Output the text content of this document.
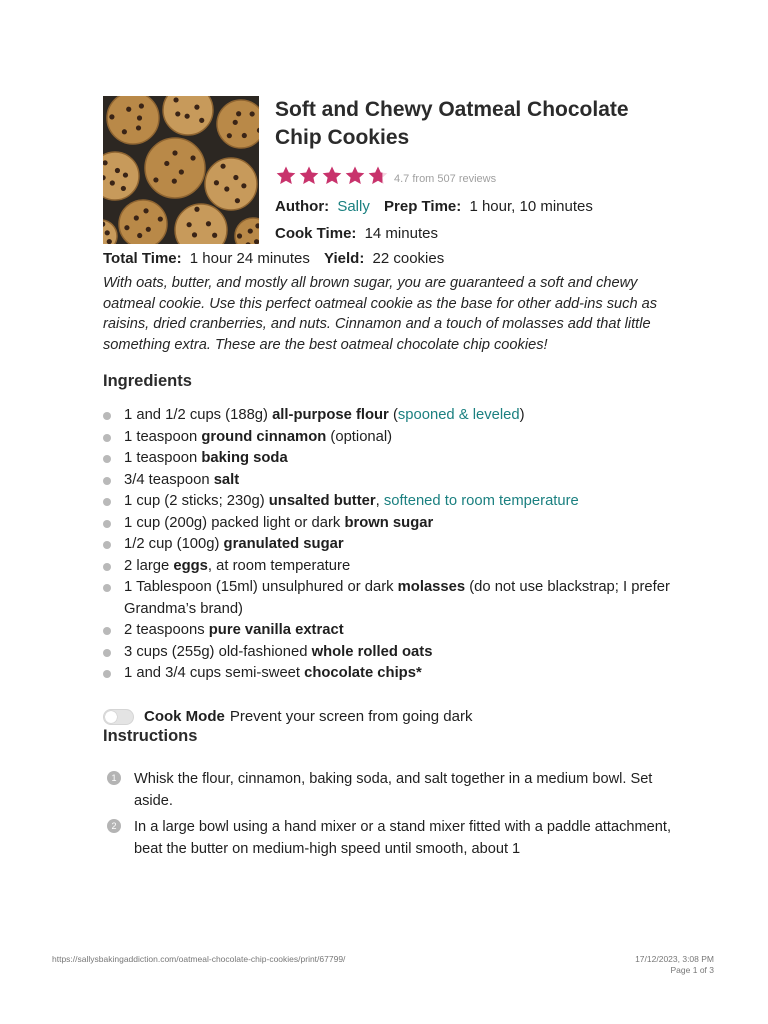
Soft and Chewy Oatmeal Chocolate Chip Cookies
4.7 from 507 reviews
Author: Sally Prep Time: 1 hour, 10 minutes
Cook Time: 14 minutes
Total Time: 1 hour 24 minutes Yield: 22 cookies
With oats, butter, and mostly all brown sugar, you are guaranteed a soft and chewy oatmeal cookie. Use this perfect oatmeal cookie as the base for other add-ins such as raisins, dried cranberries, and nuts. Cinnamon and a touch of molasses add that little something extra. These are the best oatmeal chocolate chip cookies!
Ingredients
1 and 1/2 cups (188g) all-purpose flour (spooned & leveled)
1 teaspoon ground cinnamon (optional)
1 teaspoon baking soda
3/4 teaspoon salt
1 cup (2 sticks; 230g) unsalted butter, softened to room temperature
1 cup (200g) packed light or dark brown sugar
1/2 cup (100g) granulated sugar
2 large eggs, at room temperature
1 Tablespoon (15ml) unsulphured or dark molasses (do not use blackstrap; I prefer Grandma’s brand)
2 teaspoons pure vanilla extract
3 cups (255g) old-fashioned whole rolled oats
1 and 3/4 cups semi-sweet chocolate chips*
Cook Mode Prevent your screen from going dark
Instructions
1	Whisk the flour, cinnamon, baking soda, and salt together in a medium bowl. Set aside.
2	In a large bowl using a hand mixer or a stand mixer fitted with a paddle attachment, beat the butter on medium-high speed until smooth, about 1
https://sallysbakingaddiction.com/oatmeal-chocolate-chip-cookies/print/67799/	17/12/2023, 3:08 PM
Page 1 of 3
